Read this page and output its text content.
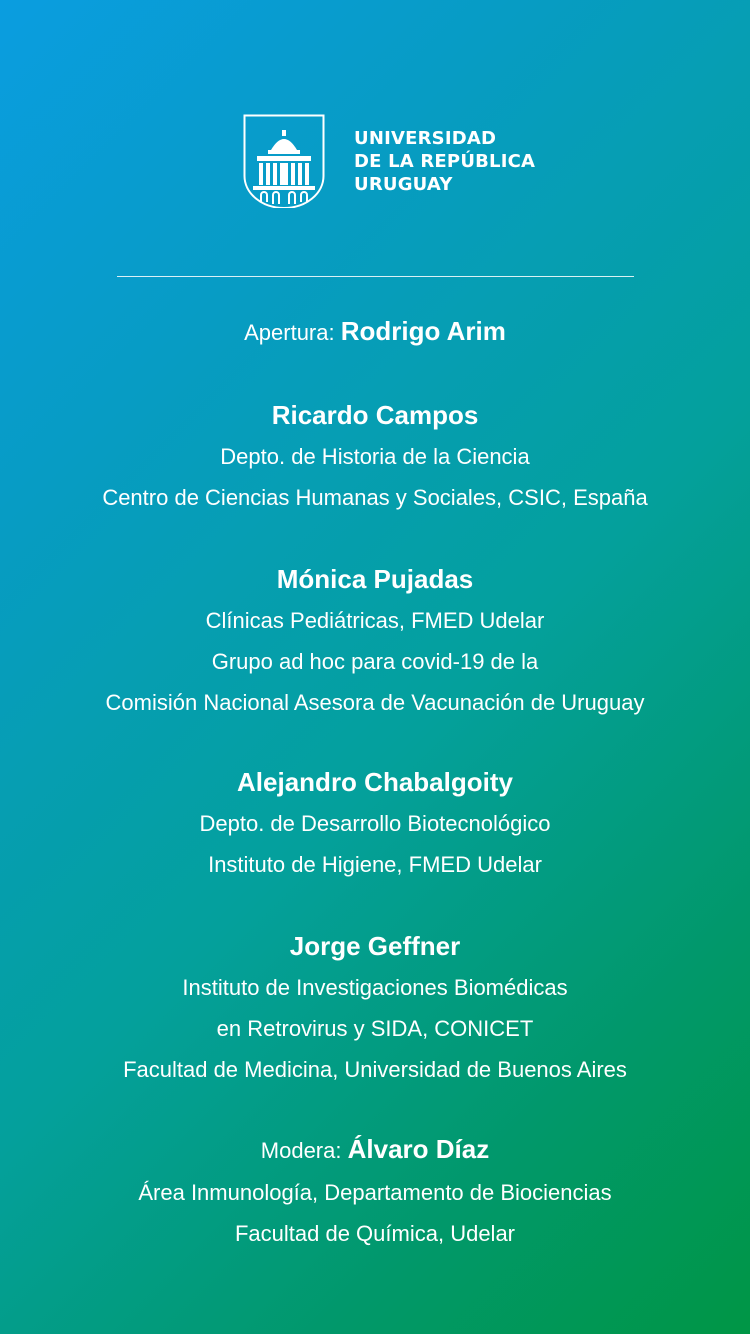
UNIVERSIDAD
DE LA REPÚBLICA
URUGUAY
Apertura: Rodrigo Arim
Ricardo Campos
Depto. de Historia de la Ciencia
Centro de Ciencias Humanas y Sociales, CSIC, España
Mónica Pujadas
Clínicas Pediátricas, FMED Udelar
Grupo ad hoc para covid-19 de la
Comisión Nacional Asesora de Vacunación de Uruguay
Alejandro Chabalgoity
Depto. de Desarrollo Biotecnológico
Instituto de Higiene, FMED Udelar
Jorge Geffner
Instituto de Investigaciones Biomédicas
en Retrovirus y SIDA, CONICET
Facultad de Medicina, Universidad de Buenos Aires
Modera: Álvaro Díaz
Área Inmunología, Departamento de Biociencias
Facultad de Química, Udelar
